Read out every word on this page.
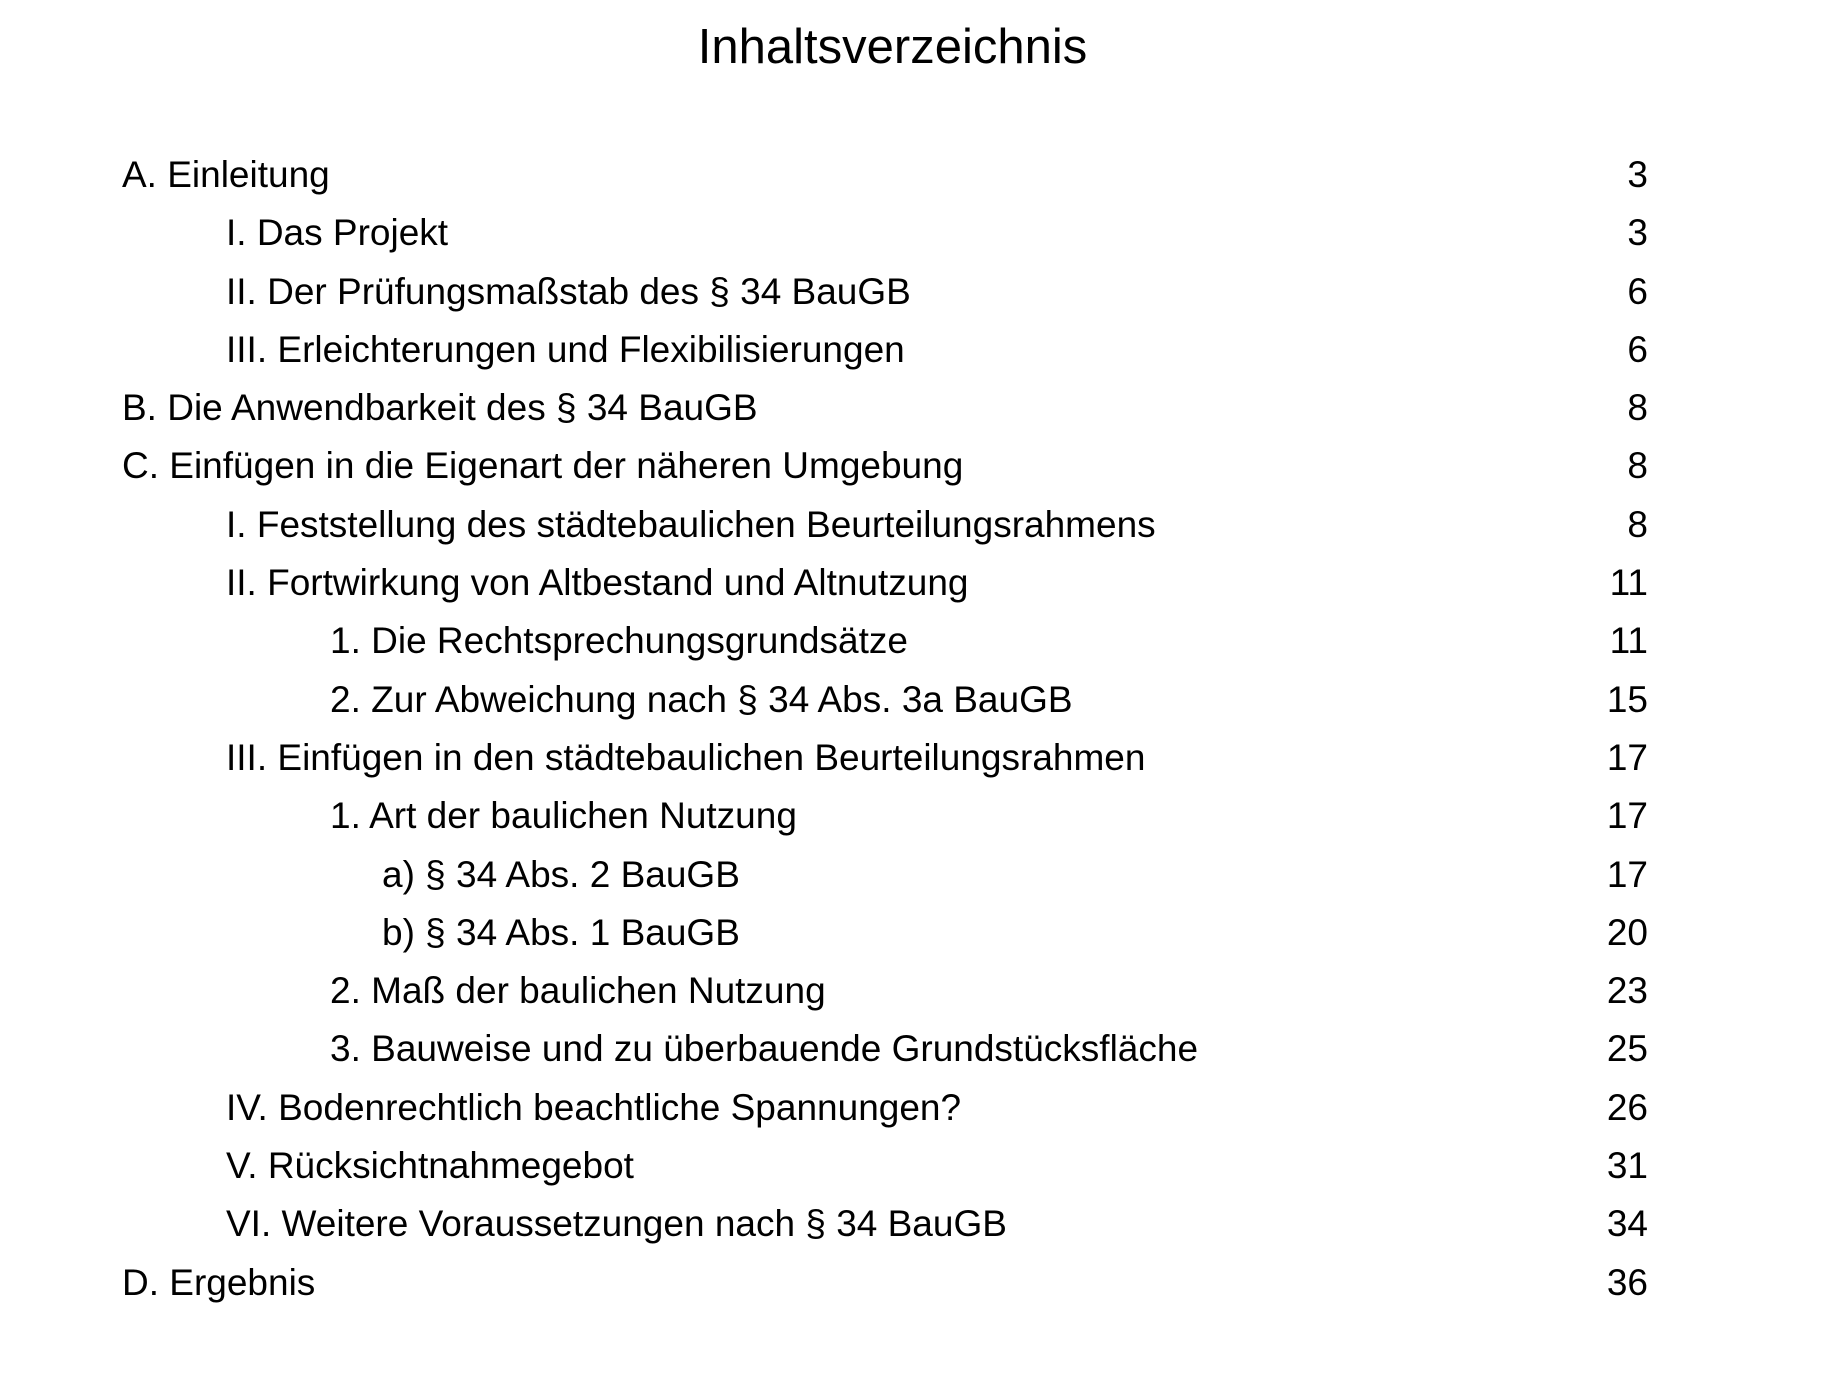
Inhaltsverzeichnis
A. Einleitung	3
I. Das Projekt	3
II. Der Prüfungsmaßstab des § 34 BauGB	6
III. Erleichterungen und Flexibilisierungen	6
B. Die Anwendbarkeit des § 34 BauGB	8
C. Einfügen in die Eigenart der näheren Umgebung	8
I. Feststellung des städtebaulichen Beurteilungsrahmens	8
II. Fortwirkung von Altbestand und Altnutzung	11
1. Die Rechtsprechungsgrundsätze	11
2. Zur Abweichung nach § 34 Abs. 3a BauGB	15
III. Einfügen in den städtebaulichen Beurteilungsrahmen	17
1. Art der baulichen Nutzung	17
a) § 34 Abs. 2 BauGB	17
b) § 34 Abs. 1 BauGB	20
2. Maß der baulichen Nutzung	23
3. Bauweise und zu überbauende Grundstücksfläche	25
IV. Bodenrechtlich beachtliche Spannungen?	26
V. Rücksichtnahmegebot	31
VI. Weitere Voraussetzungen nach § 34 BauGB	34
D. Ergebnis	36
